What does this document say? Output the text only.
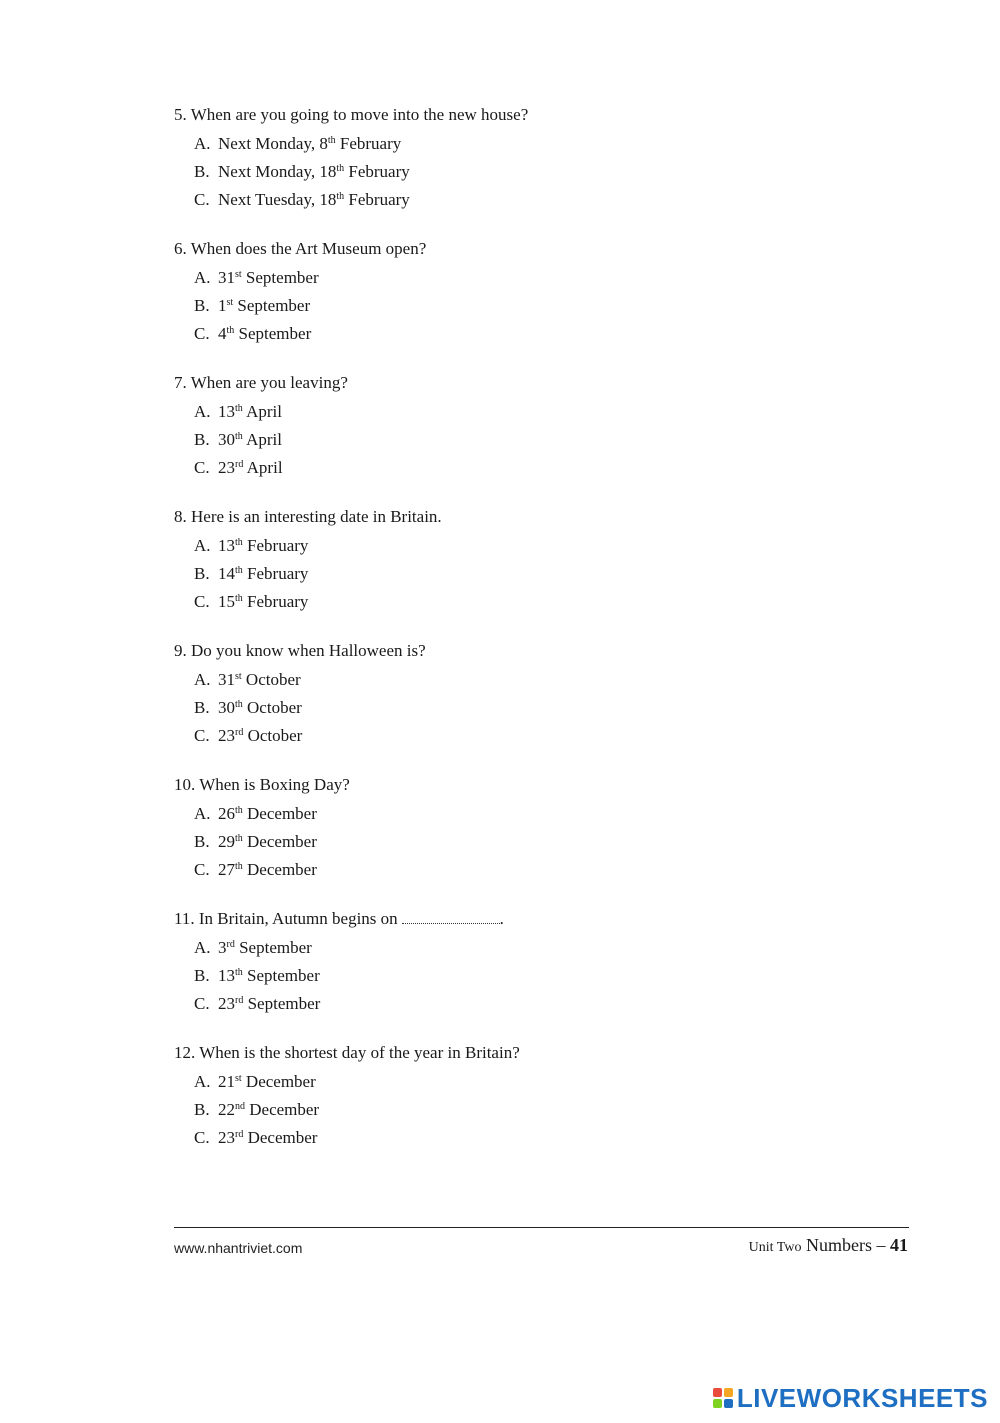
5. When are you going to move into the new house?
A. Next Monday, 8th February
B. Next Monday, 18th February
C. Next Tuesday, 18th February
6. When does the Art Museum open?
A. 31st September
B. 1st September
C. 4th September
7. When are you leaving?
A. 13th April
B. 30th April
C. 23rd April
8. Here is an interesting date in Britain.
A. 13th February
B. 14th February
C. 15th February
9. Do you know when Halloween is?
A. 31st October
B. 30th October
C. 23rd October
10. When is Boxing Day?
A. 26th December
B. 29th December
C. 27th December
11. In Britain, Autumn begins on	.
A. 3rd September
B. 13th September
C. 23rd September
12. When is the shortest day of the year in Britain?
A. 21st December
B. 22nd December
C. 23rd December
www.nhantriviet.com	Unit Two Numbers – 41
LIVEWORKSHEETS
